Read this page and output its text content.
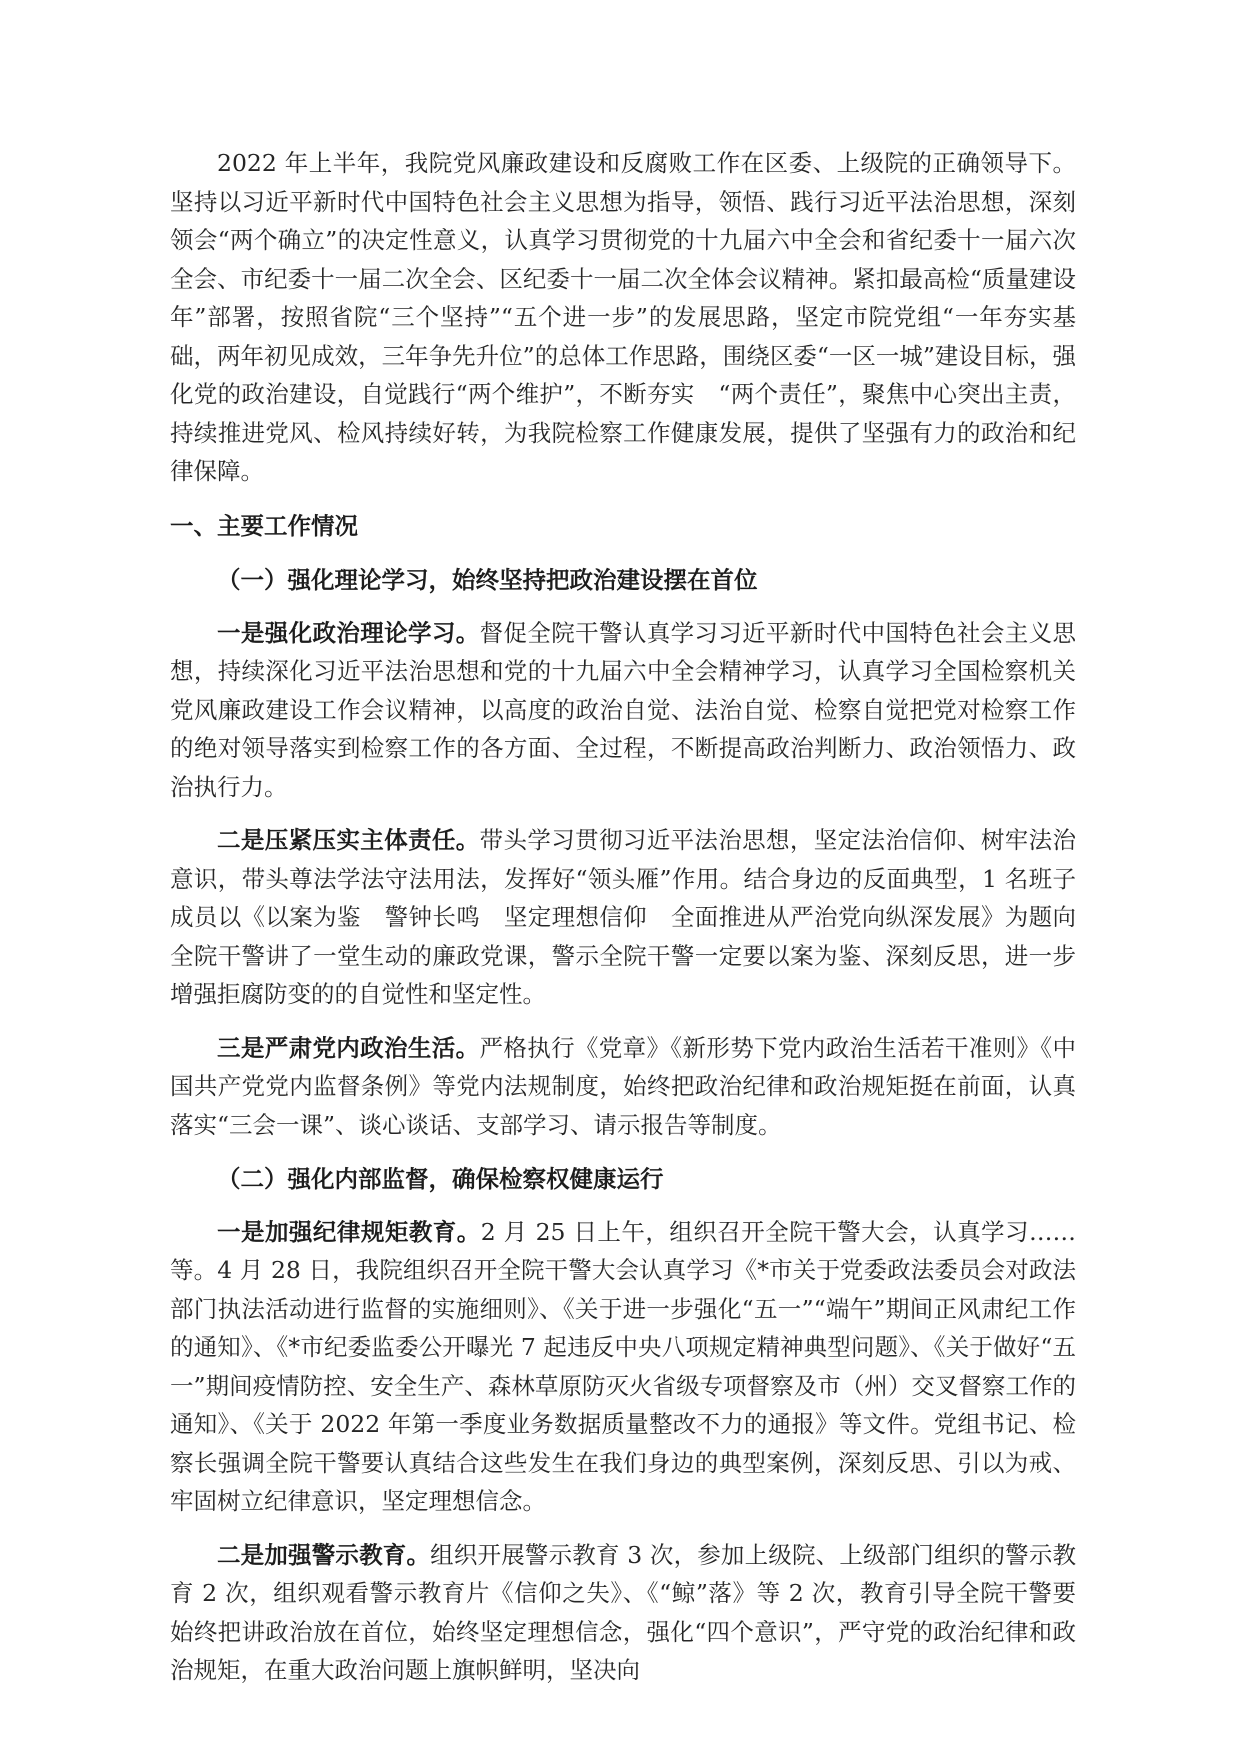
2022 年上半年，我院党风廉政建设和反腐败工作在区委、上级院的正确领导下。坚持以习近平新时代中国特色社会主义思想为指导，领悟、践行习近平法治思想，深刻领会“两个确立”的决定性意义，认真学习贯彻党的十九届六中全会和省纪委十一届六次全会、市纪委十一届二次全会、区纪委十一届二次全体会议精神。紧扣最高检“质量建设年”部署，按照省院“三个坚持”“五个进一步”的发展思路，坚定市院党组“一年夯实基础，两年初见成效，三年争先升位”的总体工作思路，围绕区委“一区一城”建设目标，强化党的政治建设，自觉践行“两个维护”，不断夯实　“两个责任”，聚焦中心突出主责，持续推进党风、检风持续好转，为我院检察工作健康发展，提供了坚强有力的政治和纪律保障。

一、主要工作情况

（一）强化理论学习，始终坚持把政治建设摆在首位

一是强化政治理论学习。督促全院干警认真学习习近平新时代中国特色社会主义思想，持续深化习近平法治思想和党的十九届六中全会精神学习，认真学习全国检察机关党风廉政建设工作会议精神，以高度的政治自觉、法治自觉、检察自觉把党对检察工作的绝对领导落实到检察工作的各方面、全过程，不断提高政治判断力、政治领悟力、政治执行力。

二是压紧压实主体责任。带头学习贯彻习近平法治思想，坚定法治信仰、树牢法治意识，带头尊法学法守法用法，发挥好“领头雁”作用。结合身边的反面典型，1 名班子成员以《以案为鉴　警钟长鸣　坚定理想信仰　全面推进从严治党向纵深发展》为题向全院干警讲了一堂生动的廉政党课，警示全院干警一定要以案为鉴、深刻反思，进一步增强拒腐防变的的自觉性和坚定性。

三是严肃党内政治生活。严格执行《党章》《新形势下党内政治生活若干准则》《中国共产党党内监督条例》等党内法规制度，始终把政治纪律和政治规矩挺在前面，认真落实“三会一课”、谈心谈话、支部学习、请示报告等制度。

（二）强化内部监督，确保检察权健康运行

一是加强纪律规矩教育。2 月 25 日上午，组织召开全院干警大会，认真学习……等。4 月 28 日，我院组织召开全院干警大会认真学习《*市关于党委政法委员会对政法部门执法活动进行监督的实施细则》、《关于进一步强化“五一”“端午”期间正风肃纪工作的通知》、《*市纪委监委公开曝光 7 起违反中央八项规定精神典型问题》、《关于做好“五一”期间疫情防控、安全生产、森林草原防灭火省级专项督察及市（州）交叉督察工作的通知》、《关于 2022 年第一季度业务数据质量整改不力的通报》等文件。党组书记、检察长强调全院干警要认真结合这些发生在我们身边的典型案例，深刻反思、引以为戒、牢固树立纪律意识，坚定理想信念。

二是加强警示教育。组织开展警示教育 3 次，参加上级院、上级部门组织的警示教育 2 次，组织观看警示教育片《信仰之失》、《“鲸”落》等 2 次，教育引导全院干警要始终把讲政治放在首位，始终坚定理想信念，强化“四个意识”，严守党的政治纪律和政治规矩，在重大政治问题上旗帜鲜明，坚决向
